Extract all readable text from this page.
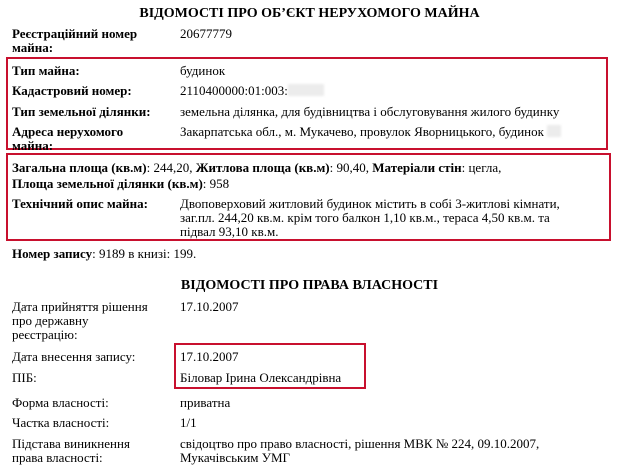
ВІДОМОСТІ ПРО ОБ’ЄКТ НЕРУХОМОГО МАЙНА
Реєстраційний номер
майна:
20677779
Тип майна:	будинок
Кадастровий номер:	2110400000:01:003:
Тип земельної ділянки: земельна ділянка, для будівництва і обслуговування жилого будинку
Адреса нерухомого
майна:
Закарпатська обл., м. Мукачево, провулок Яворницького, будинок
Загальна площа (кв.м): 244,20, Житлова площа (кв.м): 90,40, Матеріали стін: цегла,
Площа земельної ділянки (кв.м): 958
Технічний опис майна: Двоповерховий житловий будинок містить в собі 3-житлові кімнати,
заг.пл. 244,20 кв.м. крім того балкон 1,10 кв.м., тераса 4,50 кв.м. та
підвал 93,10 кв.м.
Номер запису: 9189 в книзі: 199.
ВІДОМОСТІ ПРО ПРАВА ВЛАСНОСТІ
Дата прийняття рішення
про державну
реєстрацію:
17.10.2007
Дата внесення запису:	17.10.2007
ПІБ:	Біловар Ірина Олександрівна
Форма власності:	приватна
Частка власності:	1/1
Підстава виникнення
права власності:
свідоцтво про право власності, рішення МВК № 224, 09.10.2007,
Мукачівським УМГ
